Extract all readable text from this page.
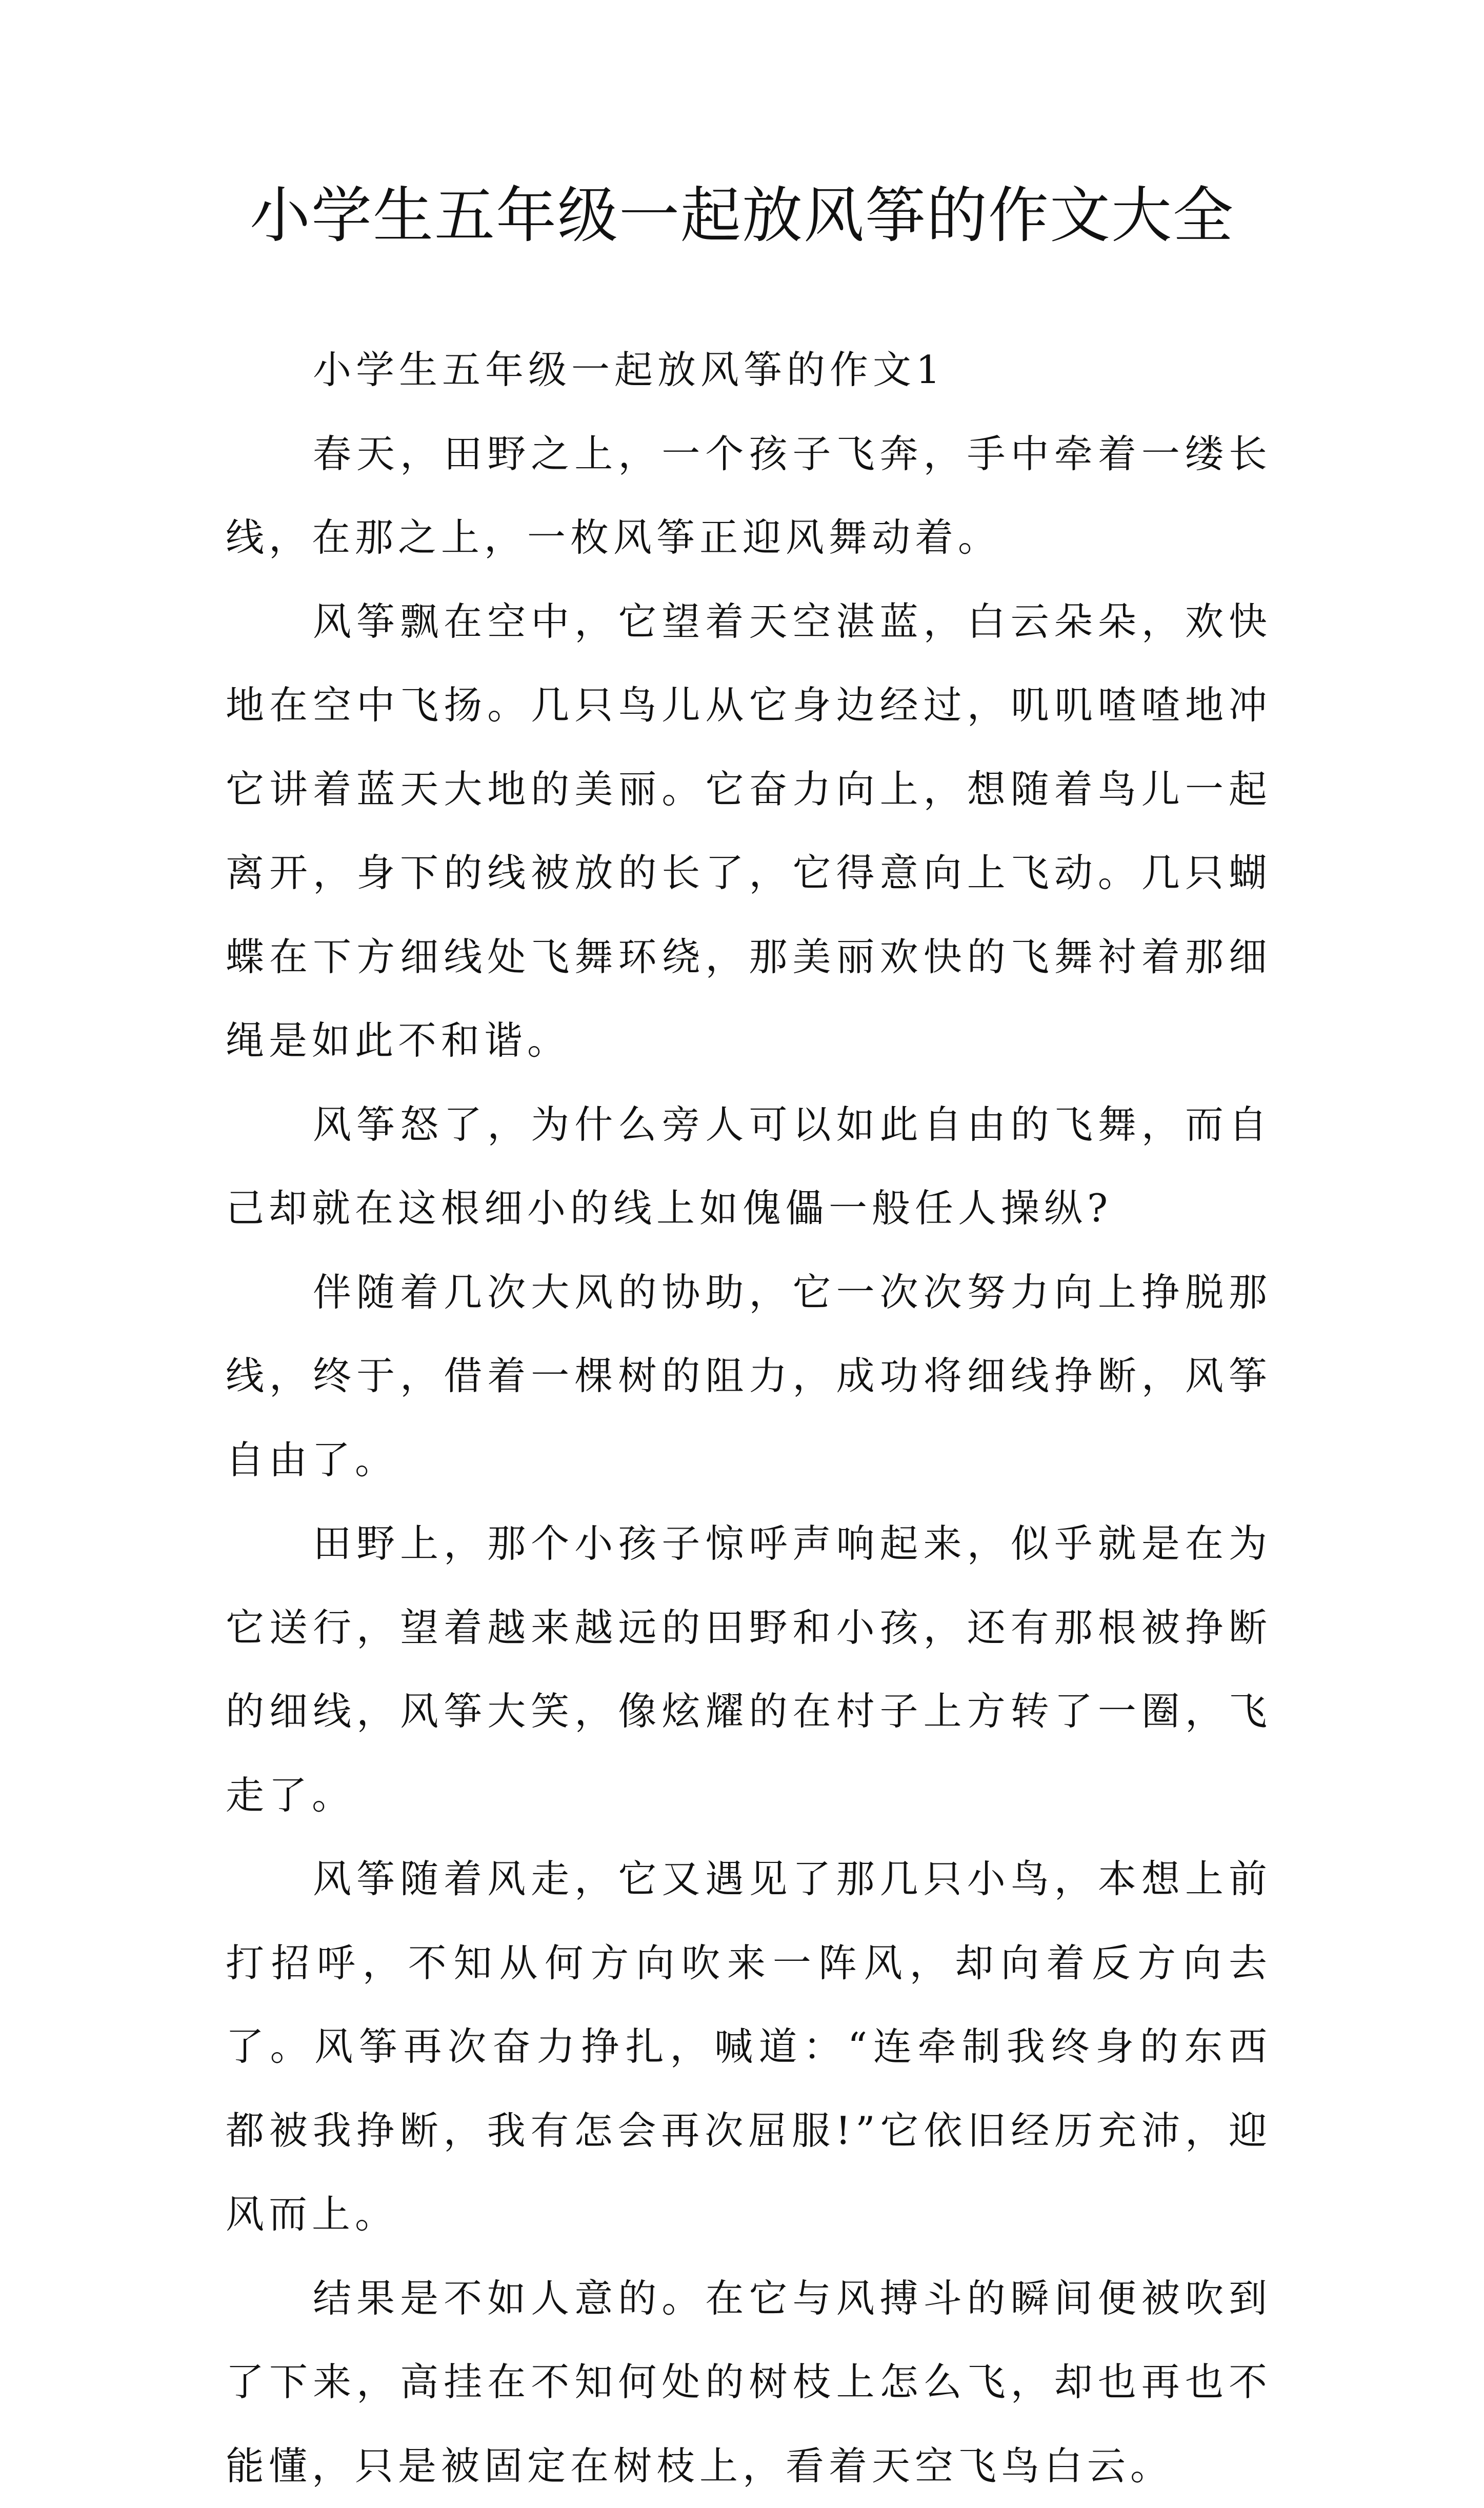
小学生五年级一起放风筝的作文大全

小学生五年级一起放风筝的作文1

春天，田野之上，一个孩子飞奔，手中牵着一缕长线，在那之上，一枚风筝正迎风舞动着。

风筝飘在空中，它望着天空湛蓝，白云朵朵，欢快地在空中飞扬。几只鸟儿从它身边经过，叽叽喳喳地冲它讲着蓝天大地的美丽。它奋力向上，想随着鸟儿一起离开，身下的线被放的长了，它得意向上飞动。几只蝴蝶在下方细线处飞舞环绕，那美丽欢快的飞舞衬着那细绳是如此不和谐。

风筝怒了，为什么旁人可以如此自由的飞舞，而自己却就在这根细小的线上如傀儡一般任人操纵?

伴随着几次大风的协助，它一次次努力向上挣脱那线，终于，借着一棵树的阻力，成功将细线挣断，风筝自由了。

田野上，那个小孩子惊呼声响起来，似乎就是在为它送行，望着越来越远的田野和小孩，还有那根被挣断的细线，风筝大笑，像炫耀的在村子上方转了一圈，飞走了。

风筝随着风走，它又遇见了那几只小鸟，本想上前打招呼，不知从何方向吹来一阵风，却向着反方向去了。风筝再次奋力挣扎，喊道：“连牵制我终身的东西都被我挣断，我有怎会再次屈服!”它依旧经历充沛，迎风而上。

结果是不如人意的。在它与风搏斗的瞬间便被吹到了下来，高挂在不知何处的树枝上怎么飞，却也再也不能懂，只是被固定在树枝上，看着天空飞鸟白云。
